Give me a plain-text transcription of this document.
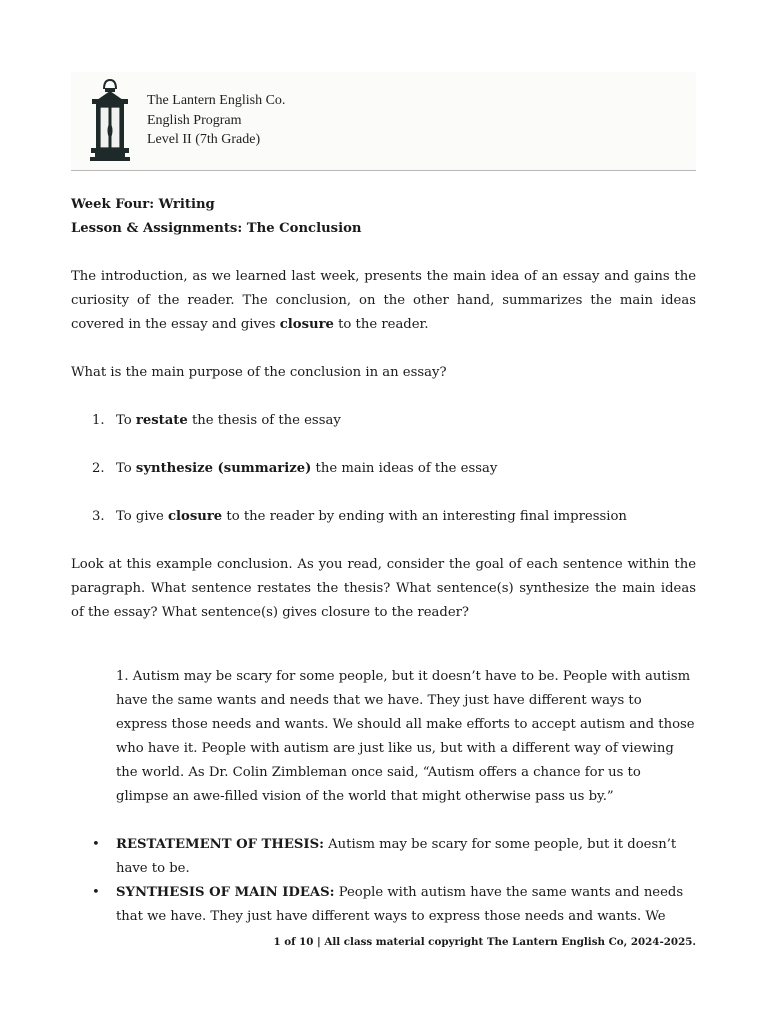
The Lantern English Co.
English Program
Level II (7th Grade)
Week Four: Writing
Lesson & Assignments: The Conclusion

The introduction, as we learned last week, presents the main idea of an essay and gains the curiosity of the reader. The conclusion, on the other hand, summarizes the main ideas covered in the essay and gives closure to the reader.

What is the main purpose of the conclusion in an essay?

1. To restate the thesis of the essay
2. To synthesize (summarize) the main ideas of the essay
3. To give closure to the reader by ending with an interesting final impression

Look at this example conclusion. As you read, consider the goal of each sentence within the paragraph. What sentence restates the thesis? What sentence(s) synthesize the main ideas of the essay? What sentence(s) gives closure to the reader?

1. Autism may be scary for some people, but it doesn’t have to be. People with autism have the same wants and needs that we have. They just have different ways to express those needs and wants. We should all make efforts to accept autism and those who have it. People with autism are just like us, but with a different way of viewing the world. As Dr. Colin Zimbleman once said, “Autism offers a chance for us to glimpse an awe-filled vision of the world that might otherwise pass us by.”
• RESTATEMENT OF THESIS: Autism may be scary for some people, but it doesn’t have to be.
• SYNTHESIS OF MAIN IDEAS: People with autism have the same wants and needs that we have. They just have different ways to express those needs and wants. We
1 of 10 | All class material copyright The Lantern English Co, 2024-2025.
